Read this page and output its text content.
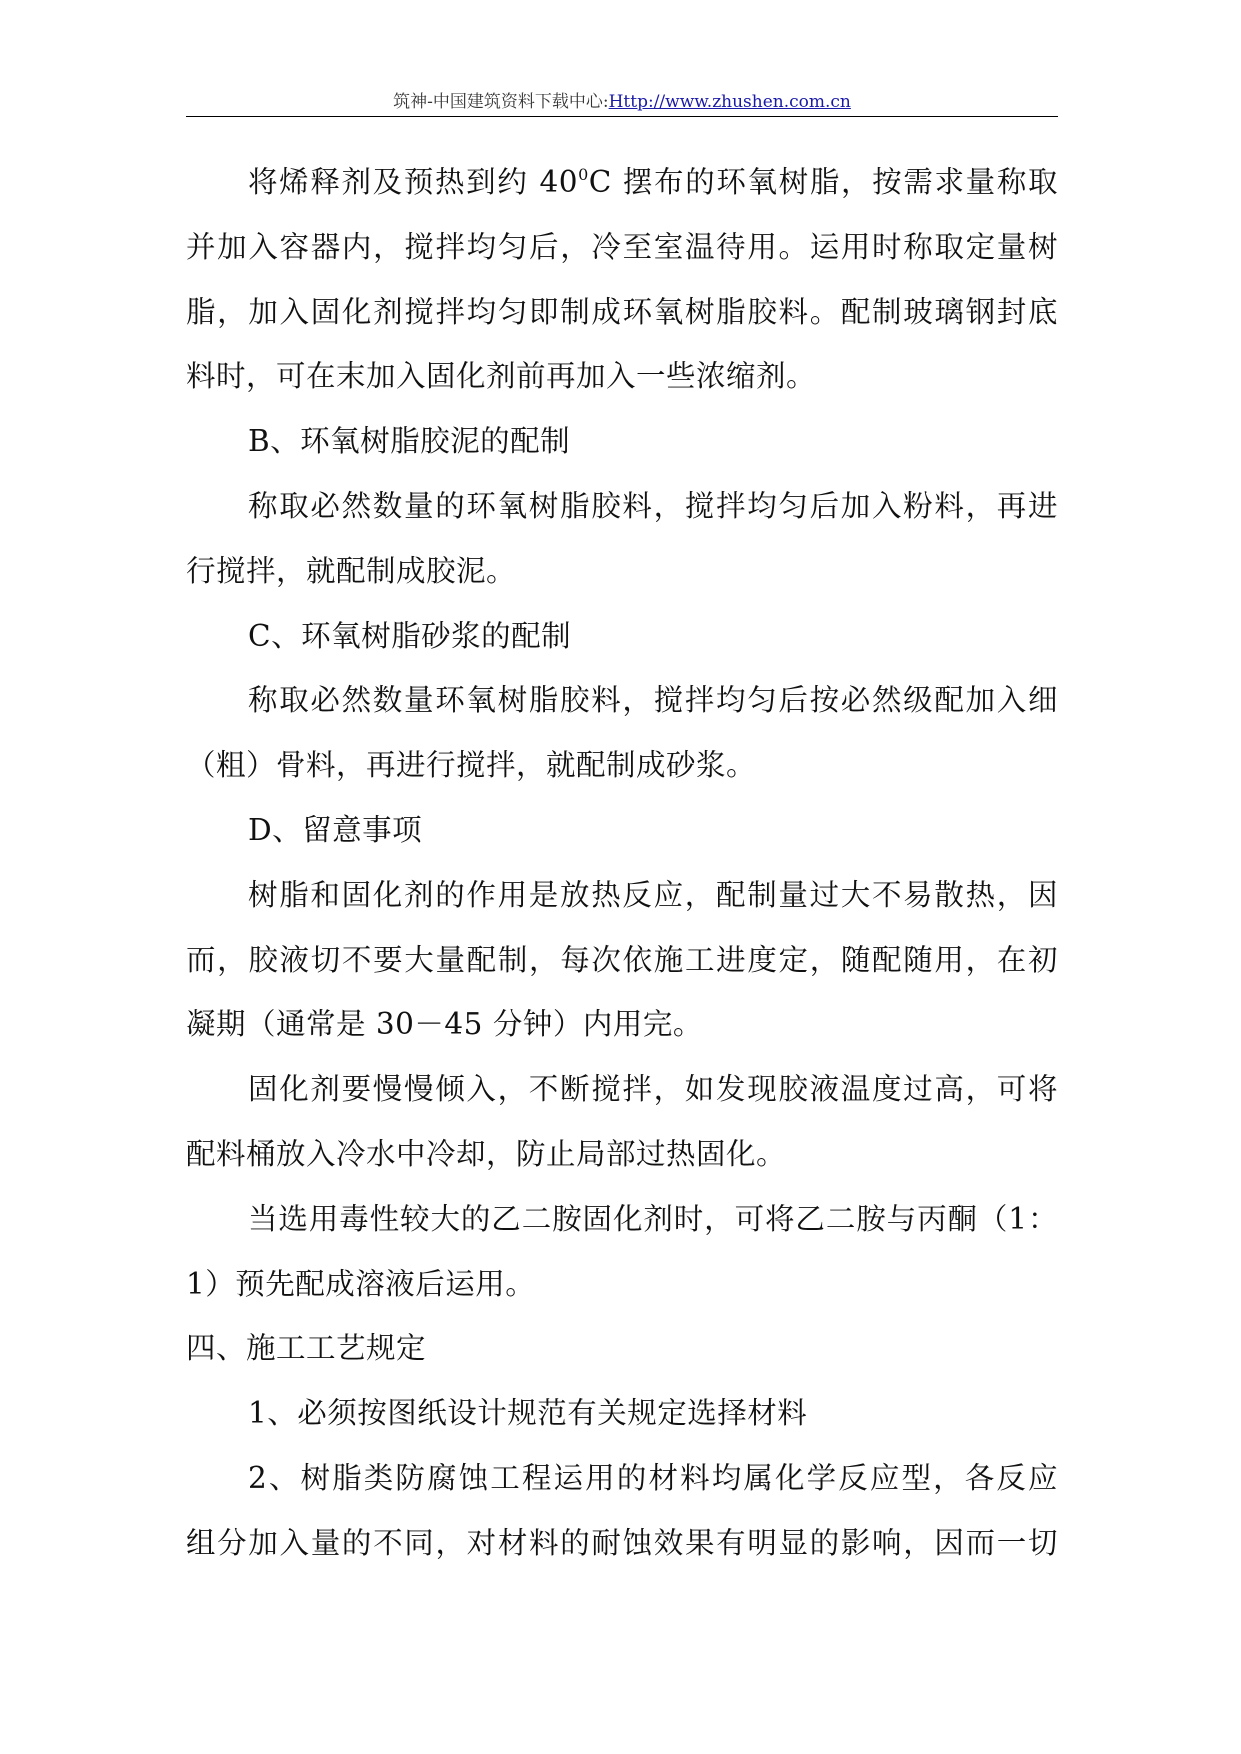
筑神-中国建筑资料下载中心:Http://www.zhushen.com.cn
将烯释剂及预热到约 $40^0C$ 摆布的环氧树脂，按需求量称取
并加入容器内，搅拌均匀后，冷至室温待用。运用时称取定量树
脂，加入固化剂搅拌均匀即制成环氧树脂胶料。配制玻璃钢封底
料时，可在末加入固化剂前再加入一些浓缩剂。
B、环氧树脂胶泥的配制
称取必然数量的环氧树脂胶料，搅拌均匀后加入粉料，再进
行搅拌，就配制成胶泥。
C、环氧树脂砂浆的配制
称取必然数量环氧树脂胶料，搅拌均匀后按必然级配加入细
（粗）骨料，再进行搅拌，就配制成砂浆。
D、留意事项
树脂和固化剂的作用是放热反应，配制量过大不易散热，因
而，胶液切不要大量配制，每次依施工进度定，随配随用，在初
凝期（通常是 30－45 分钟）内用完。
固化剂要慢慢倾入，不断搅拌，如发现胶液温度过高，可将
配料桶放入冷水中冷却，防止局部过热固化。
当选用毒性较大的乙二胺固化剂时，可将乙二胺与丙酮（1：
1）预先配成溶液后运用。
四、施工工艺规定
1、必须按图纸设计规范有关规定选择材料
2、树脂类防腐蚀工程运用的材料均属化学反应型，各反应
组分加入量的不同，对材料的耐蚀效果有明显的影响，因而一切
